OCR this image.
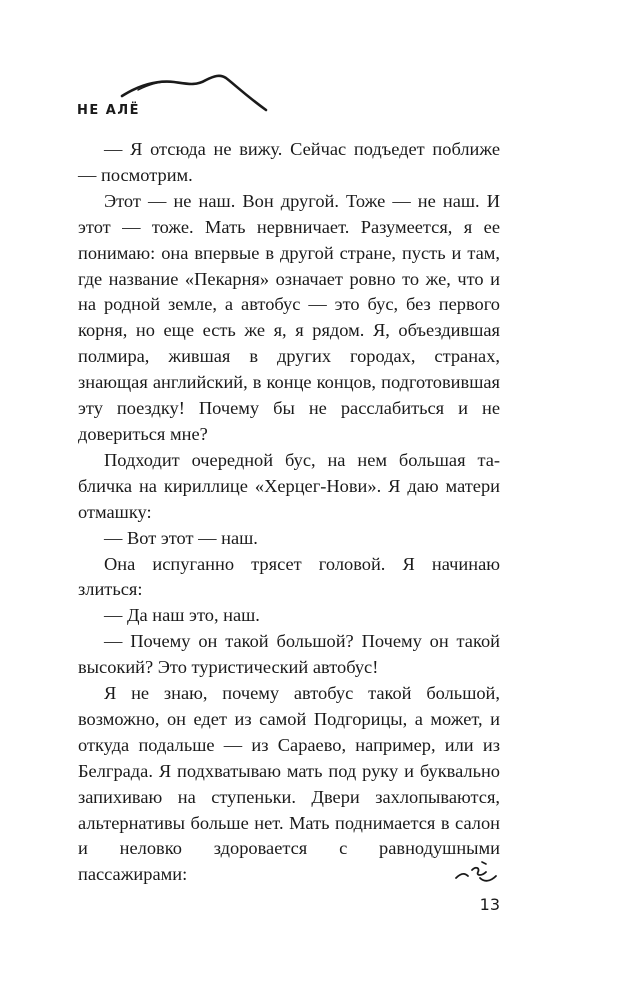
НЕ АЛЁ

— Я отсюда не вижу. Сейчас подъедет поближе — посмотрим.

Этот — не наш. Вон другой. Тоже — не наш. И этот — тоже. Мать нервничает. Разумеется, я ее понимаю: она впервые в другой стране, пусть и там, где название «Пекарня» означает ровно то же, что и на родной земле, а автобус — это бус, без первого корня, но еще есть же я, я рядом. Я, объездившая полмира, жившая в других городах, странах, знающая английский, в конце концов, подготовившая эту поездку! Почему бы не расслабиться и не довериться мне?

Подходит очередной бус, на нем большая табличка на кириллице «Херцег-Нови». Я даю матери отмашку:

— Вот этот — наш.

Она испуганно трясет головой. Я начинаю злиться:

— Да наш это, наш.

— Почему он такой большой? Почему он такой высокий? Это туристический автобус!

Я не знаю, почему автобус такой большой, возможно, он едет из самой Подгорицы, а может, и откуда подальше — из Сараево, например, или из Белграда. Я подхватываю мать под руку и буквально запихиваю на ступеньки. Двери захлопываются, альтернативы больше нет. Мать поднимается в салон и неловко здоровается с равнодушными пассажирами:

13
